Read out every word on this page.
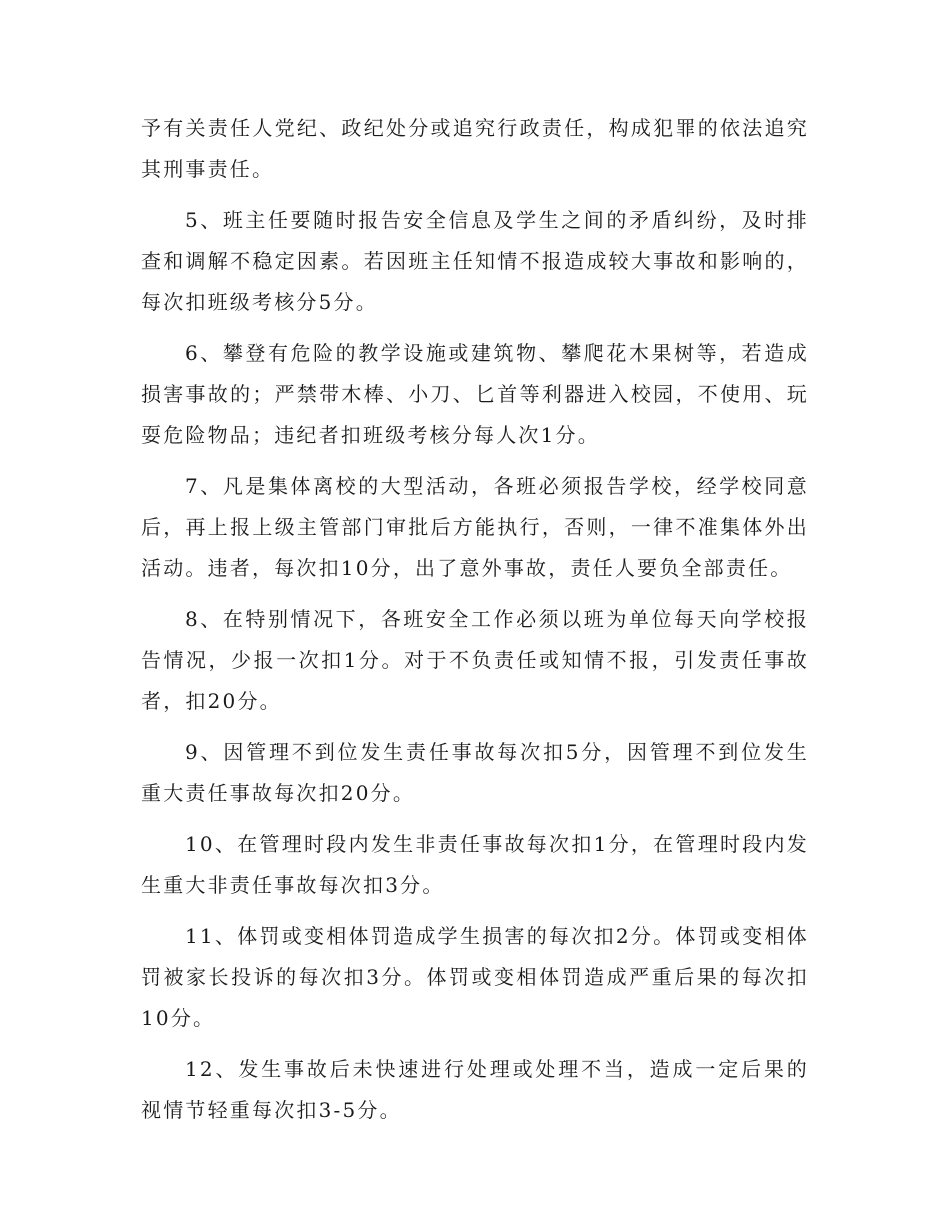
予有关责任人党纪、政纪处分或追究行政责任，构成犯罪的依法追究其刑事责任。

5、班主任要随时报告安全信息及学生之间的矛盾纠纷，及时排查和调解不稳定因素。若因班主任知情不报造成较大事故和影响的，每次扣班级考核分5分。

6、攀登有危险的教学设施或建筑物、攀爬花木果树等，若造成损害事故的；严禁带木棒、小刀、匕首等利器进入校园，不使用、玩耍危险物品；违纪者扣班级考核分每人次1分。

7、凡是集体离校的大型活动，各班必须报告学校，经学校同意后，再上报上级主管部门审批后方能执行，否则，一律不准集体外出活动。违者，每次扣10分，出了意外事故，责任人要负全部责任。

8、在特别情况下，各班安全工作必须以班为单位每天向学校报告情况，少报一次扣1分。对于不负责任或知情不报，引发责任事故者，扣20分。

9、因管理不到位发生责任事故每次扣5分，因管理不到位发生重大责任事故每次扣20分。

10、在管理时段内发生非责任事故每次扣1分，在管理时段内发生重大非责任事故每次扣3分。

11、体罚或变相体罚造成学生损害的每次扣2分。体罚或变相体罚被家长投诉的每次扣3分。体罚或变相体罚造成严重后果的每次扣10分。

12、发生事故后未快速进行处理或处理不当，造成一定后果的视情节轻重每次扣3-5分。
